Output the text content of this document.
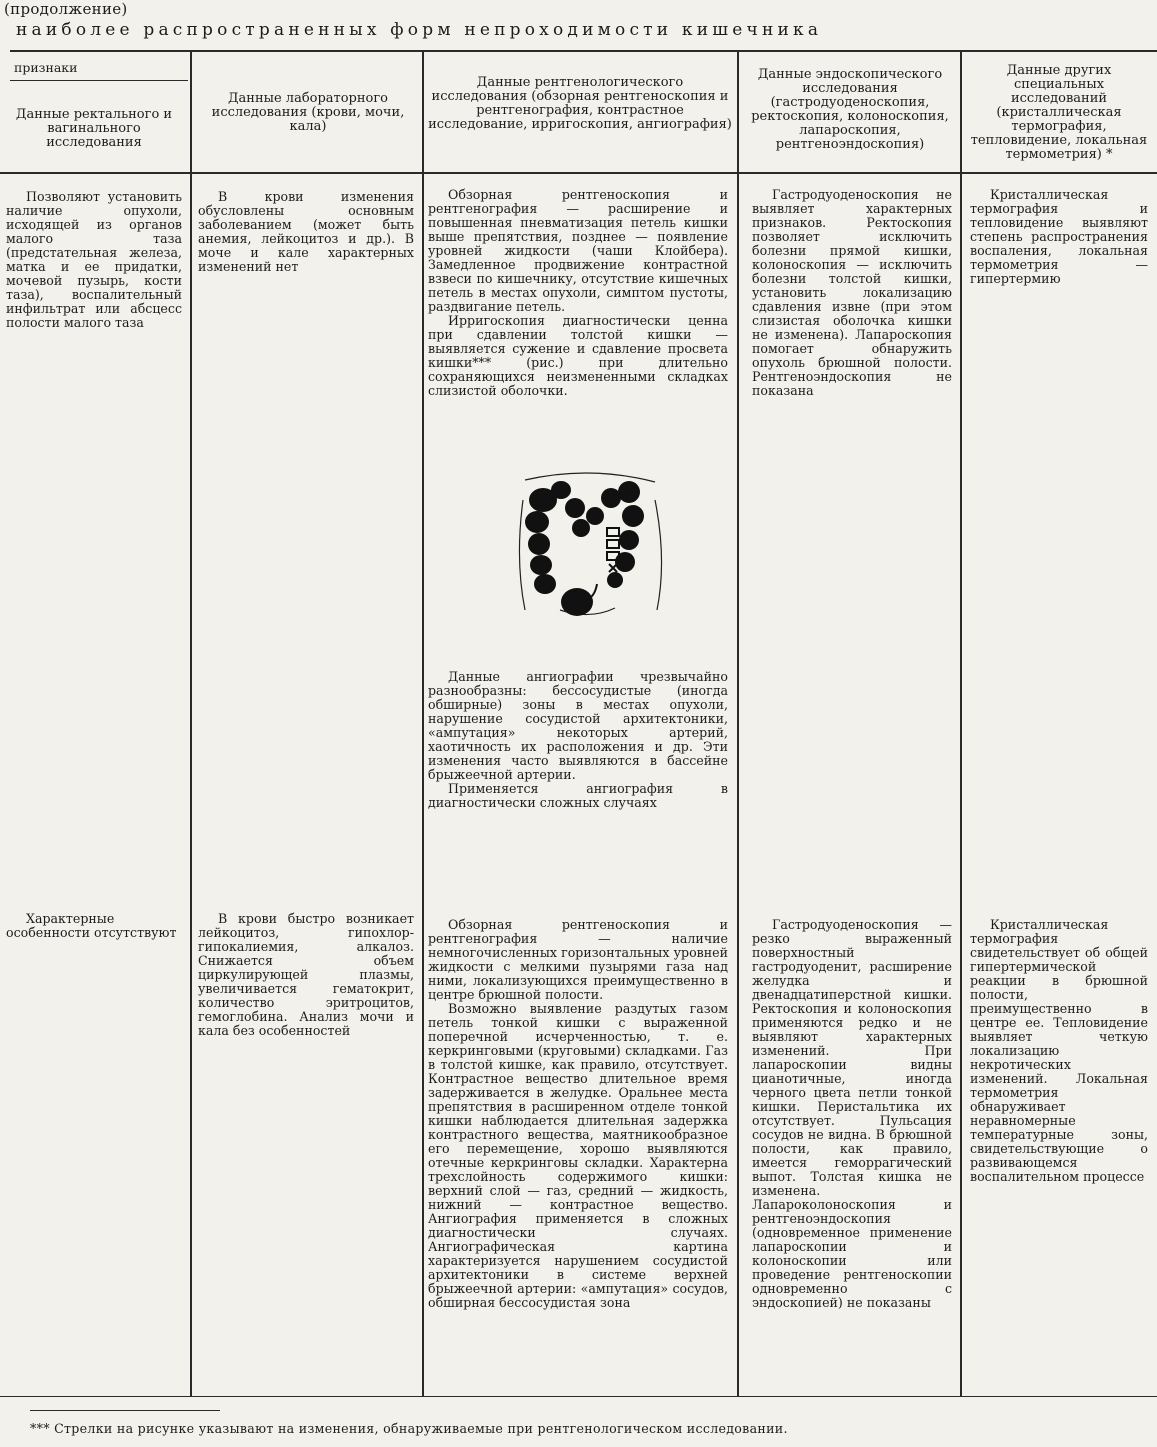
(продолжение)
наиболее распространенных форм непроходимости кишечника
признаки
Данные ректального и вагинального исследования
Данные лабораторного исследования (крови, мочи, кала)
Данные рентгенологического исследования (обзорная рентгеноскопия и рентгенография, контрастное исследование, ирригоскопия, ангиография)
Данные эндоскопического исследования (гастродуоденоскопия, ректоскопия, колоноскопия, лапароскопия, рентгеноэндоскопия)
Данные других специальных исследований (кристаллическая термография, тепловидение, локальная термометрия) *

Позволяют установить наличие опухоли, исходящей из органов малого таза (предстательная железа, матка и ее придатки, мочевой пузырь, кости таза), воспалительный инфильтрат или абсцесс полости малого таза

В крови изменения обусловлены основным заболеванием (может быть анемия, лейкоцитоз и др.). В моче и кале характерных изменений нет

Обзорная рентгеноскопия и рентгенография — расширение и повышенная пневматизация петель кишки выше препятствия, позднее — появление уровней жидкости (чаши Клойбера). Замедленное продвижение контрастной взвеси по кишечнику, отсутствие кишечных петель в местах опухоли, симптом пустоты, раздвигание петель.

Ирригоскопия диагностически ценна при сдавлении толстой кишки — выявляется сужение и сдавление просвета кишки*** (рис.) при длительно сохраняющихся неизмененными складках слизистой оболочки.

Данные ангиографии чрезвычайно разнообразны: бессосудистые (иногда обширные) зоны в местах опухоли, нарушение сосудистой архитектоники, «ампутация» некоторых артерий, хаотичность их расположения и др. Эти изменения часто выявляются в бассейне брыжеечной артерии.

Применяется ангиография в диагностически сложных случаях

Гастродуоденоскопия не выявляет характерных признаков. Ректоскопия позволяет исключить болезни прямой кишки, колоноскопия — исключить болезни толстой кишки, установить локализацию сдавления извне (при этом слизистая оболочка кишки не изменена). Лапароскопия помогает обнаружить опухоль брюшной полости. Рентгеноэндоскопия не показана

Кристаллическая термография и тепловидение выявляют степень распространения воспаления, локальная термометрия — гипертермию

Характерные особенности отсутствуют

В крови быстро возникает лейкоцитоз, гипохлор-гипокалиемия, алкалоз. Снижается объем циркулирующей плазмы, увеличивается гематокрит, количество эритроцитов, гемоглобина. Анализ мочи и кала без особенностей

Обзорная рентгеноскопия и рентгенография — наличие немногочисленных горизонтальных уровней жидкости с мелкими пузырями газа над ними, локализующихся преимущественно в центре брюшной полости.

Возможно выявление раздутых газом петель тонкой кишки с выраженной поперечной исчерченностью, т. е. керкринговыми (круговыми) складками. Газ в толстой кишке, как правило, отсутствует. Контрастное вещество длительное время задерживается в желудке. Оральнее места препятствия в расширенном отделе тонкой кишки наблюдается длительная задержка контрастного вещества, маятникообразное его перемещение, хорошо выявляются отечные керкринговы складки. Характерна трехслойность содержимого кишки: верхний слой — газ, средний — жидкость, нижний — контрастное вещество. Ангиография применяется в сложных диагностически случаях. Ангиографическая картина характеризуется нарушением сосудистой архитектоники в системе верхней брыжеечной артерии: «ампутация» сосудов, обширная бессосудистая зона

Гастродуоденоскопия — резко выраженный поверхностный гастродуоденит, расширение желудка и двенадцатиперстной кишки. Ректоскопия и колоноскопия применяются редко и не выявляют характерных изменений. При лапароскопии видны цианотичные, иногда черного цвета петли тонкой кишки. Перистальтика их отсутствует. Пульсация сосудов не видна. В брюшной полости, как правило, имеется геморрагический выпот. Толстая кишка не изменена. Лапароколоноскопия и рентгеноэндоскопия (одновременное применение лапароскопии и колоноскопии или проведение рентгеноскопии одновременно с эндоскопией) не показаны

Кристаллическая термография свидетельствует об общей гипертермической реакции в брюшной полости, преимущественно в центре ее. Тепловидение выявляет четкую локализацию некротических изменений. Локальная термометрия обнаруживает неравномерные температурные зоны, свидетельствующие о развивающемся воспалительном процессе

*** Стрелки на рисунке указывают на изменения, обнаруживаемые при рентгенологическом исследовании.
